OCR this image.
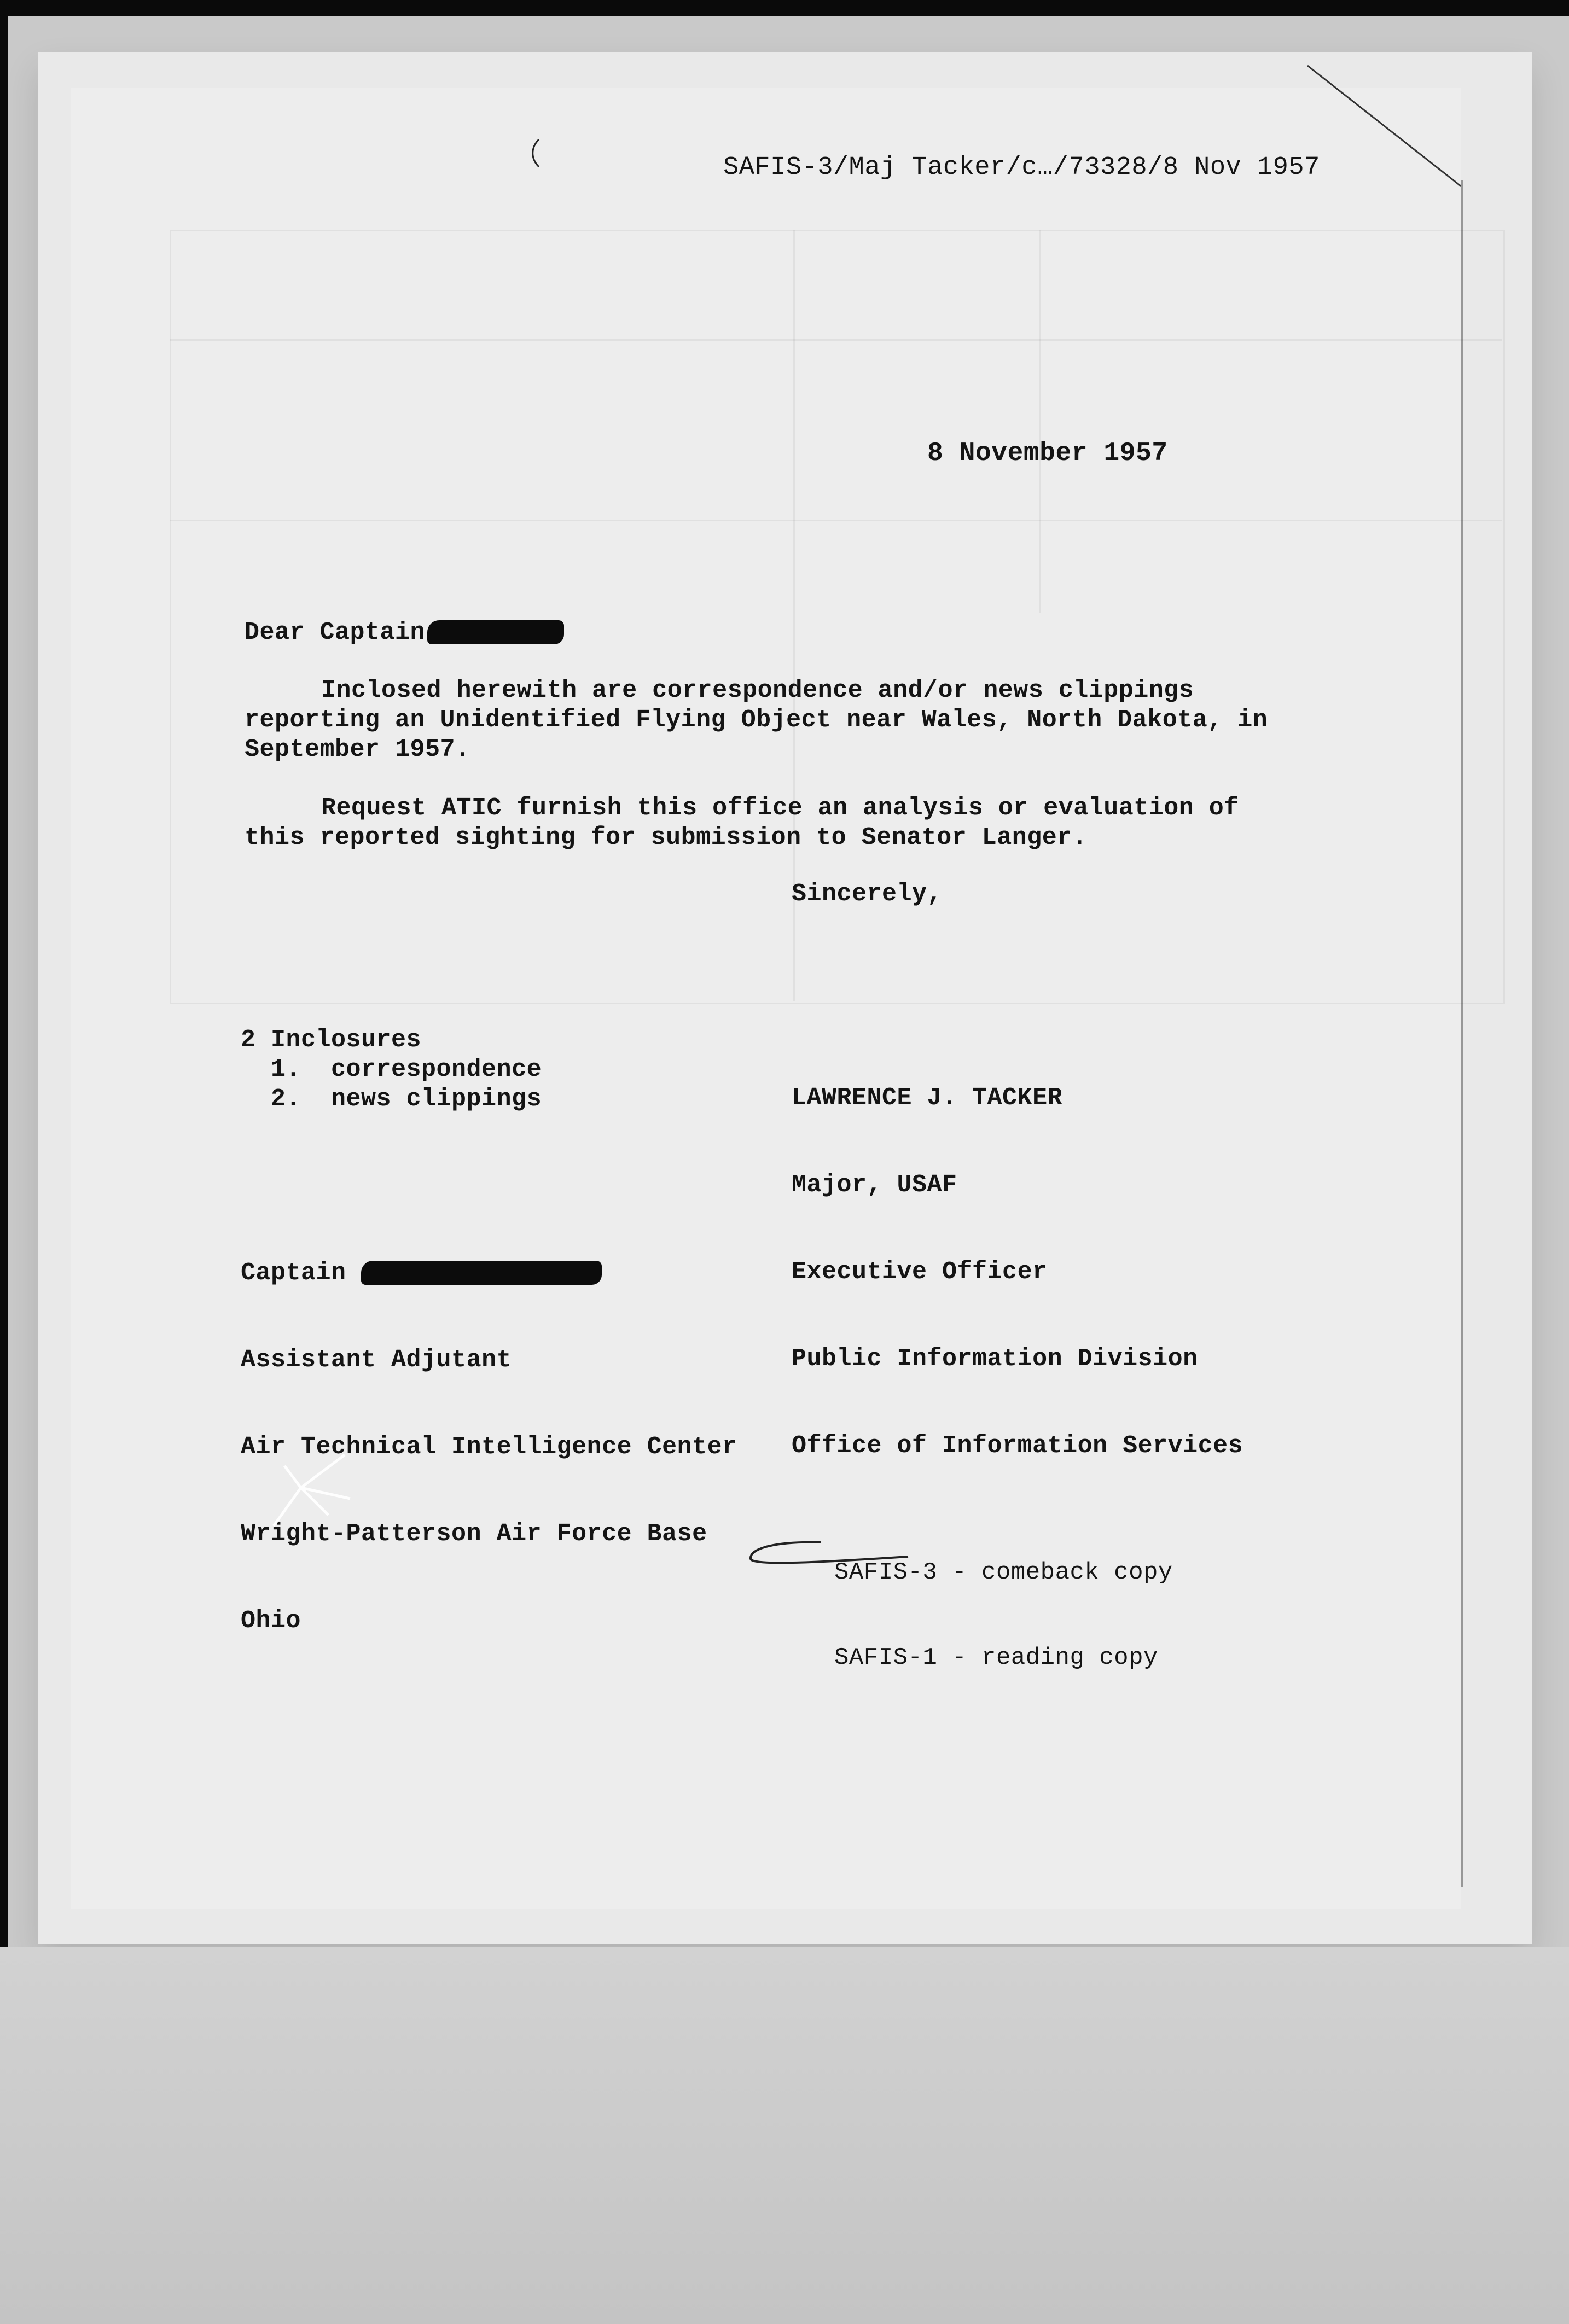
SAFIS-3/Maj Tacker/c…/73328/8 Nov 1957
8 November 1957
Dear Captain
Inclosed herewith are correspondence and/or news clippings reporting an Unidentified Flying Object near Wales, North Dakota, in September 1957.
Request ATIC furnish this office an analysis or evaluation of this reported sighting for submission to Senator Langer.
Sincerely,
2 Inclosures
1.  correspondence
2.  news clippings

	LAWRENCE J. TACKER

Major, USAF

Executive Officer

Public Information Division

Office of Information Services

Captain

Assistant Adjutant

Air Technical Intelligence Center

Wright-Patterson Air Force Base

Ohio

SAFIS-3 - comeback copy

SAFIS-1 - reading copy
